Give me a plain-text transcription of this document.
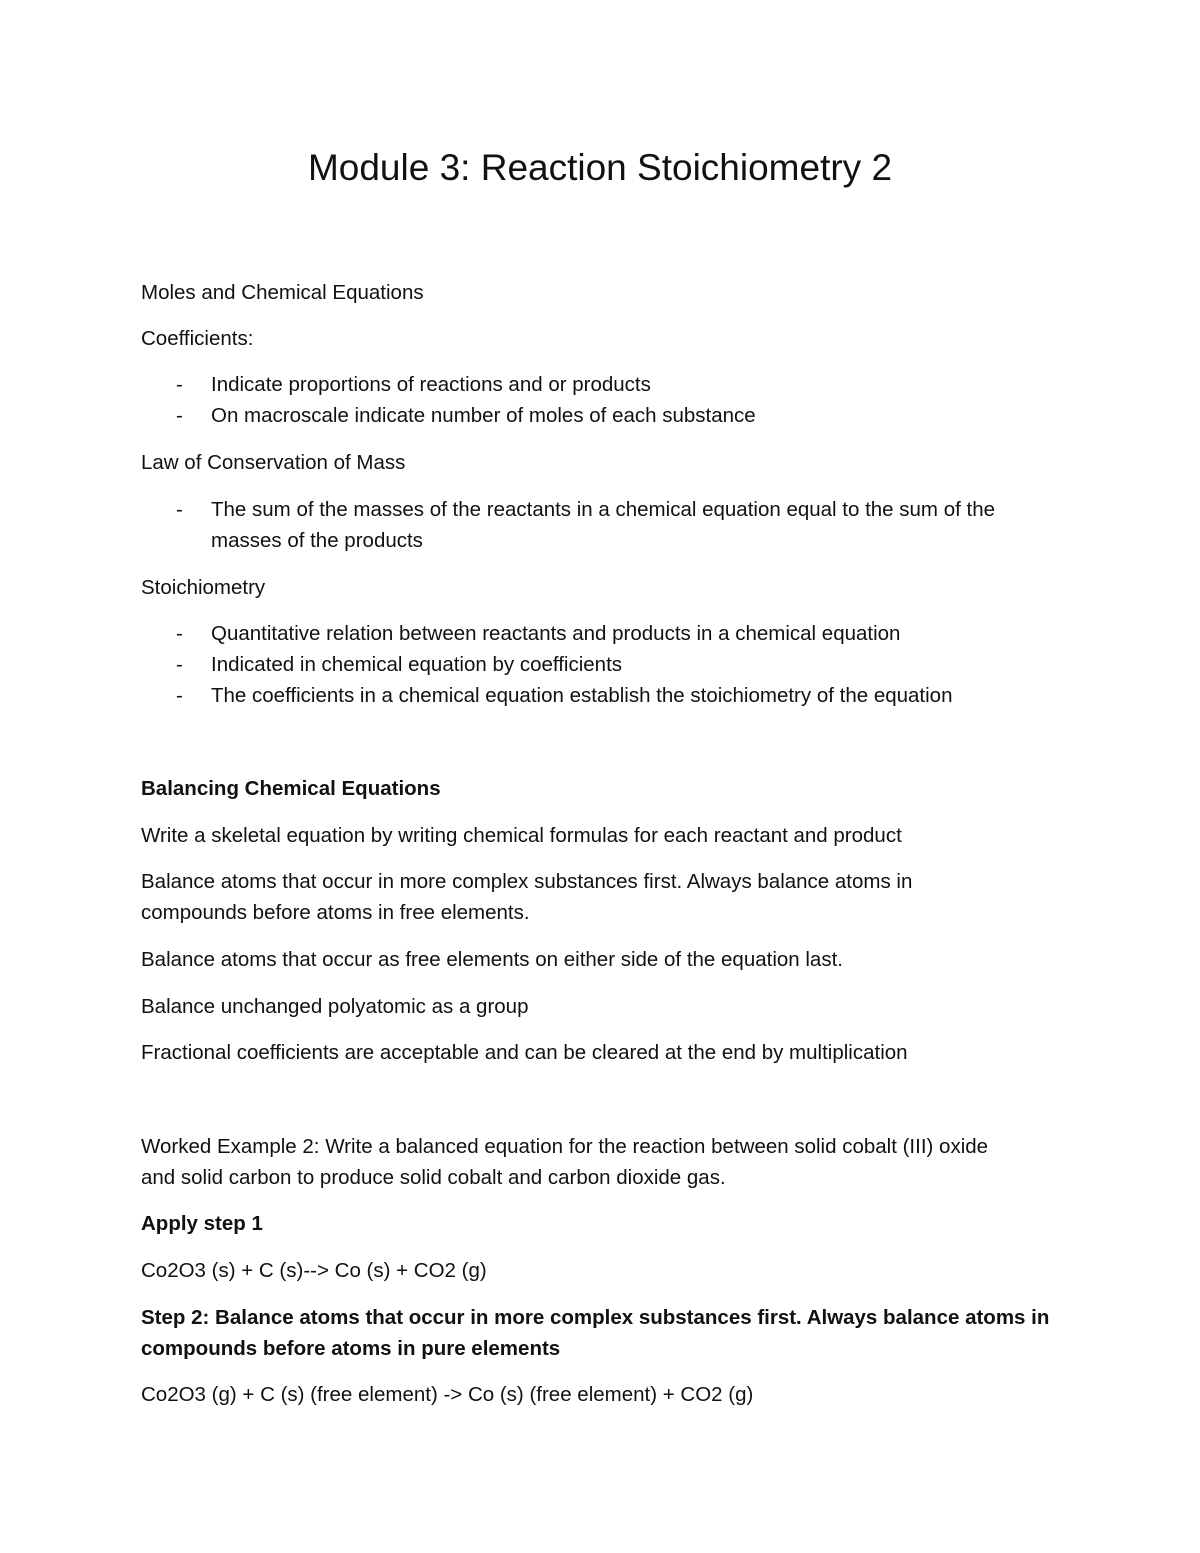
Module 3: Reaction Stoichiometry 2

Moles and Chemical Equations

Coefficients:

- Indicate proportions of reactions and or products

- On macroscale indicate number of moles of each substance

Law of Conservation of Mass

- The sum of the masses of the reactants in a chemical equation equal to the sum of the

masses of the products

Stoichiometry

- Quantitative relation between reactants and products in a chemical equation

- Indicated in chemical equation by coefficients

- The coefficients in a chemical equation establish the stoichiometry of the equation

Balancing Chemical Equations

Write a skeletal equation by writing chemical formulas for each reactant and product

Balance atoms that occur in more complex substances first. Always balance atoms in

compounds before atoms in free elements.

Balance atoms that occur as free elements on either side of the equation last.

Balance unchanged polyatomic as a group

Fractional coefficients are acceptable and can be cleared at the end by multiplication

Worked Example 2: Write a balanced equation for the reaction between solid cobalt (III) oxide

and solid carbon to produce solid cobalt and carbon dioxide gas.

Apply step 1

Co2O3 (s) + C (s)--> Co (s) + CO2 (g)

Step 2: Balance atoms that occur in more complex substances first. Always balance atoms in

compounds before atoms in pure elements

Co2O3 (g) + C (s) (free element) -> Co (s) (free element) + CO2 (g)
